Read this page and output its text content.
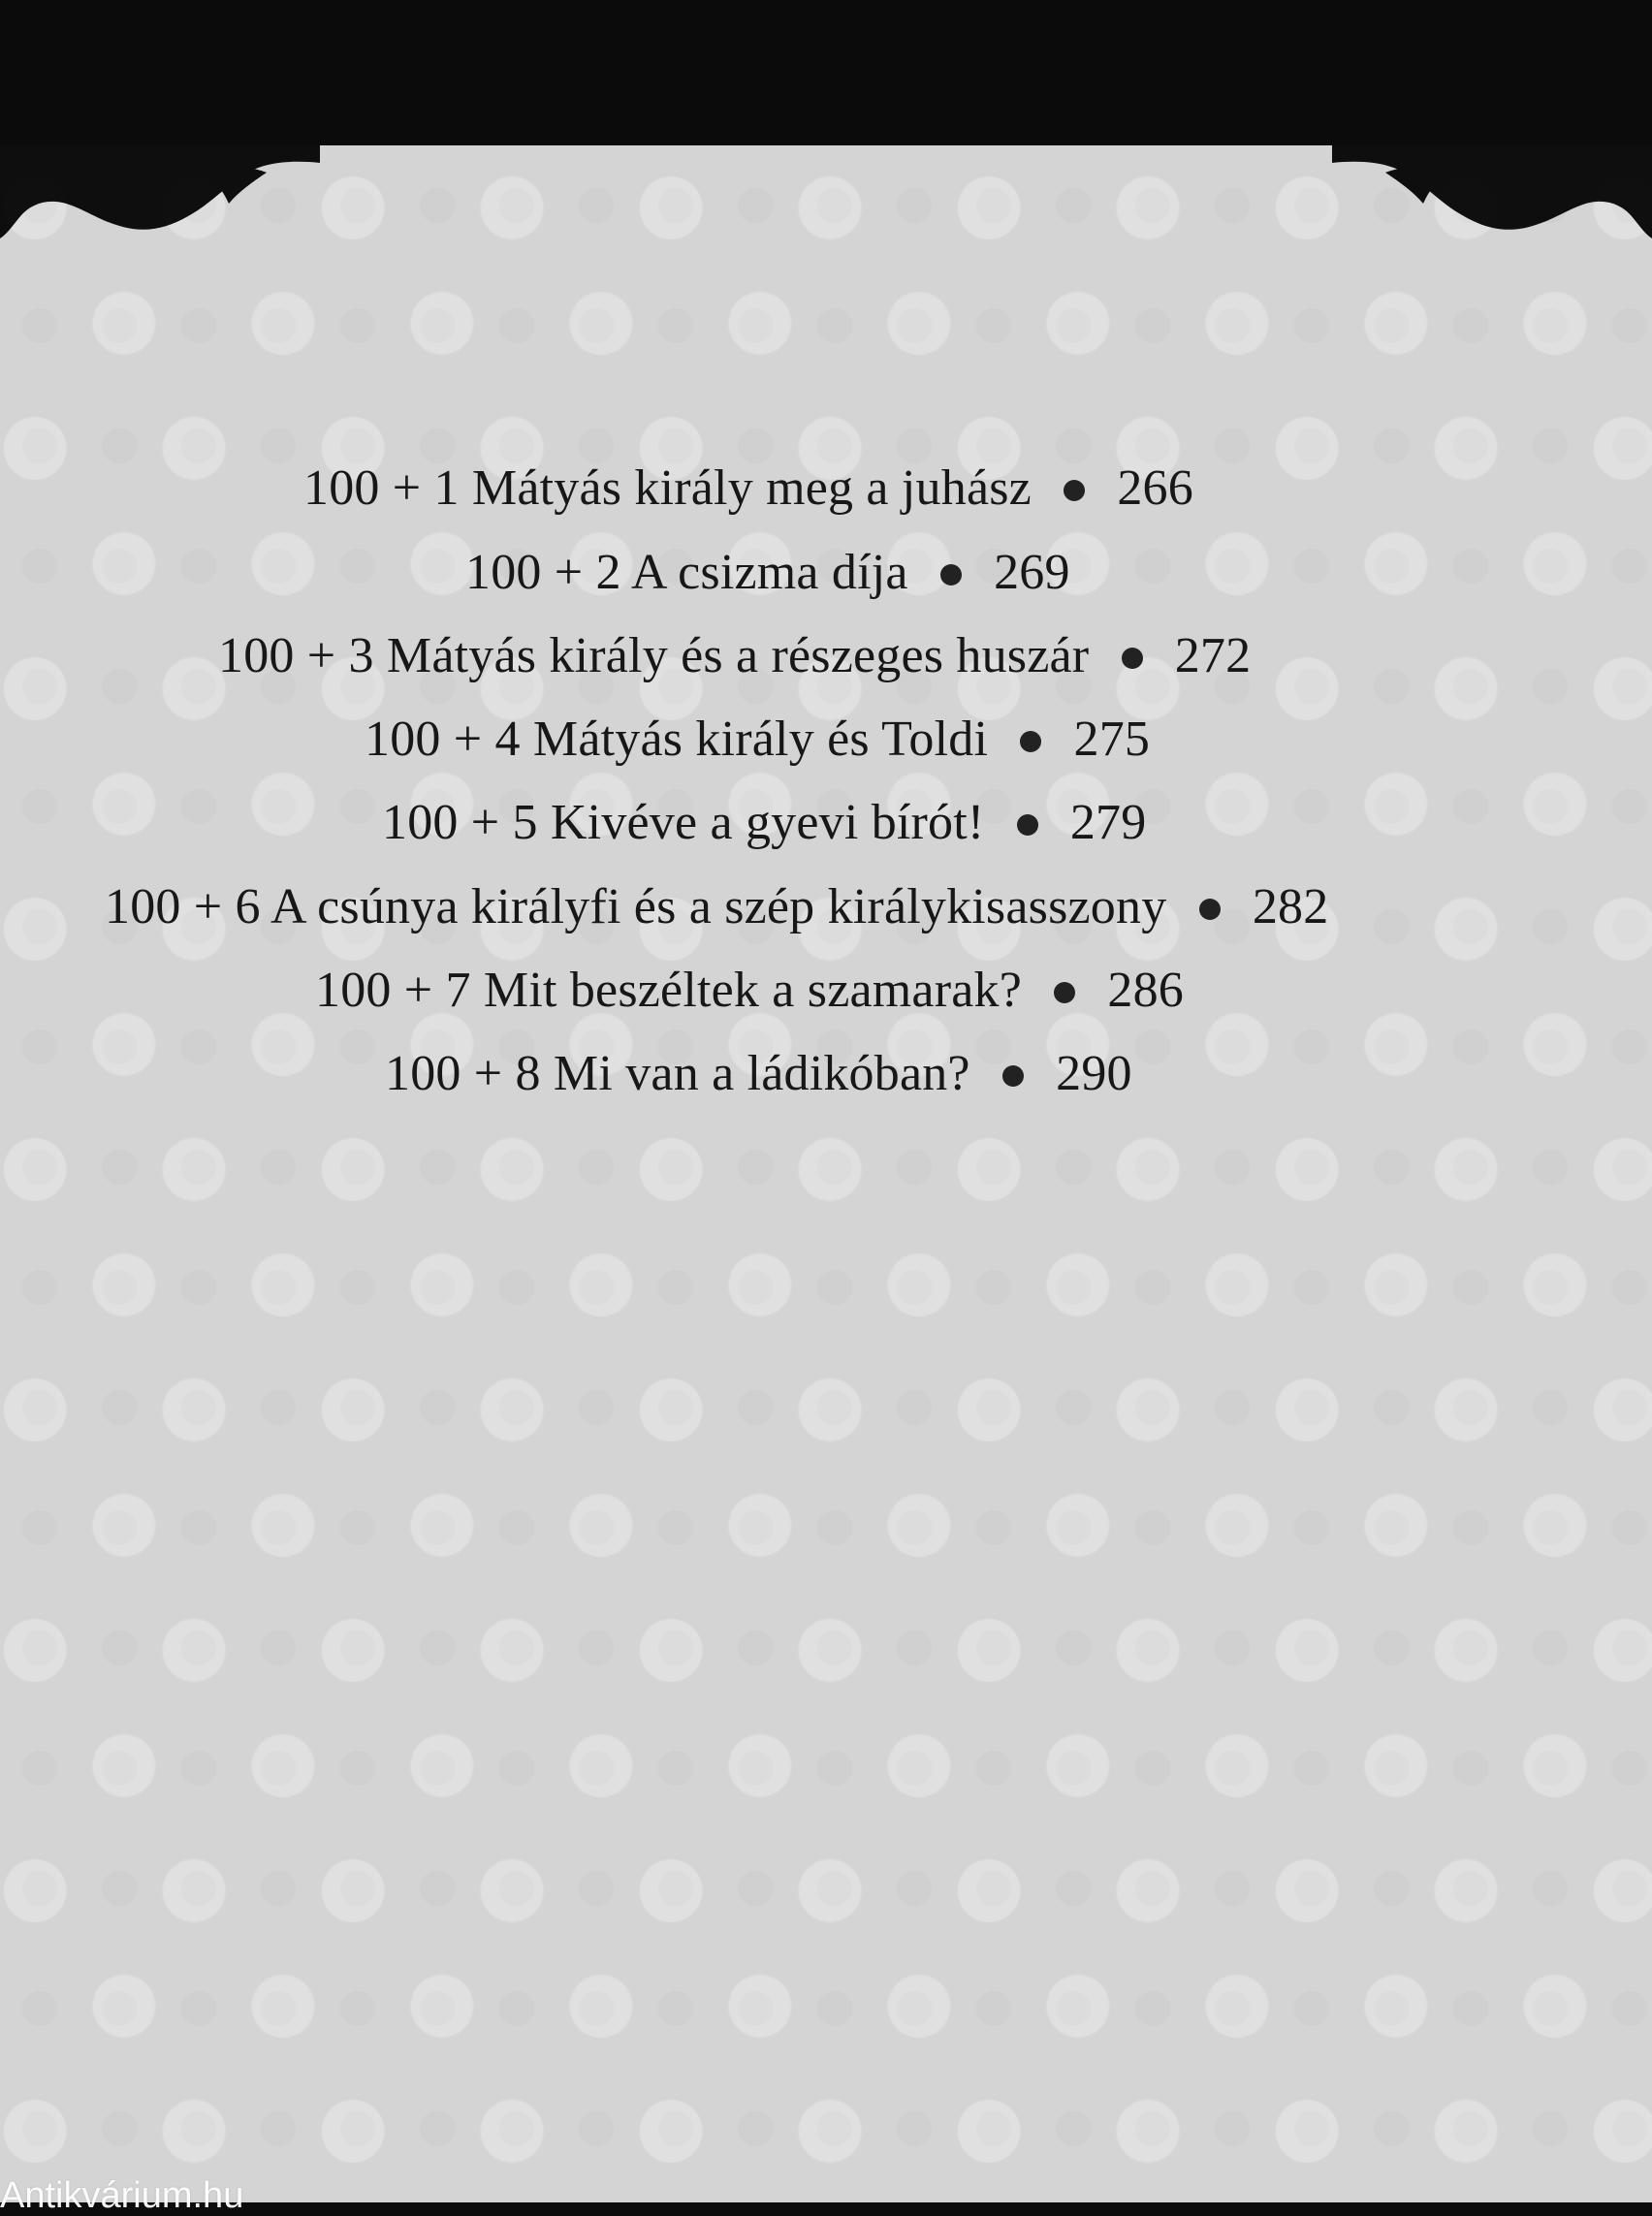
100 + 1 Mátyás király meg a juhász 266
100 + 2 A csizma díja 269
100 + 3 Mátyás király és a részeges huszár 272
100 + 4 Mátyás király és Toldi 275
100 + 5 Kivéve a gyevi bírót! 279
100 + 6 A csúnya királyfi és a szép királykisasszony 282
100 + 7 Mit beszéltek a szamarak? 286
100 + 8 Mi van a ládikóban? 290
Antikvárium.hu
